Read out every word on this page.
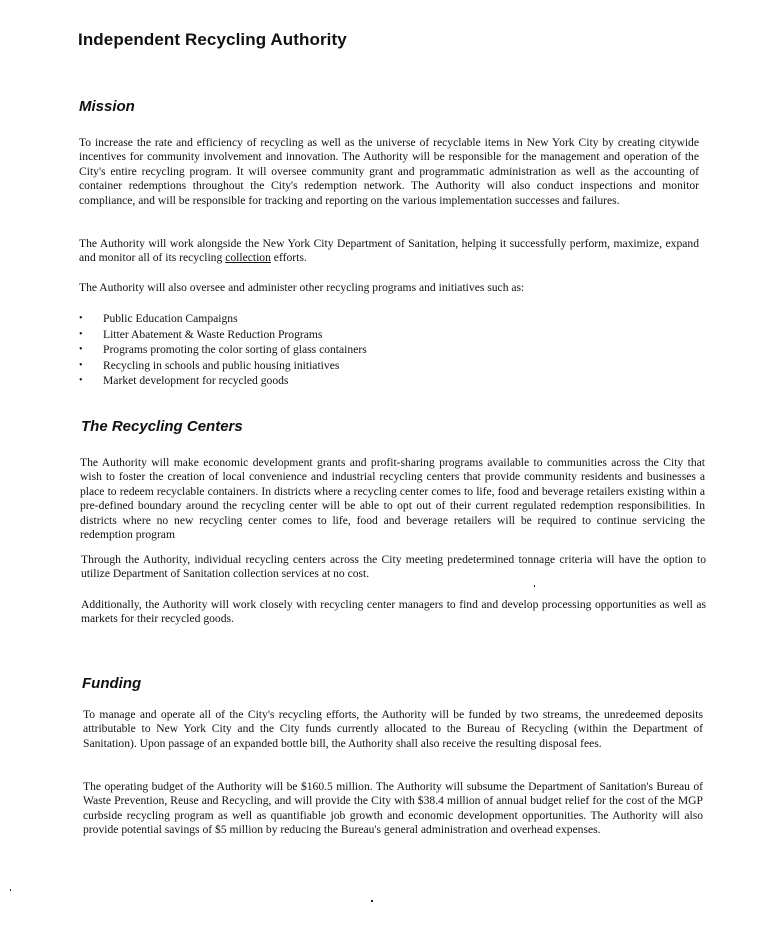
Independent Recycling Authority
Mission

To increase the rate and efficiency of recycling as well as the universe of recyclable items in New York City by creating citywide incentives for community involvement and innovation. The Authority will be responsible for the management and operation of the City's entire recycling program. It will oversee community grant and programmatic administration as well as the accounting of container redemptions throughout the City's redemption network. The Authority will also conduct inspections and monitor compliance, and will be responsible for tracking and reporting on the various implementation successes and failures.

The Authority will work alongside the New York City Department of Sanitation, helping it successfully perform, maximize, expand and monitor all of its recycling collection efforts.

The Authority will also oversee and administer other recycling programs and initiatives such as:

• Public Education Campaigns
• Litter Abatement & Waste Reduction Programs
• Programs promoting the color sorting of glass containers
• Recycling in schools and public housing initiatives
• Market development for recycled goods
The Recycling Centers

The Authority will make economic development grants and profit-sharing programs available to communities across the City that wish to foster the creation of local convenience and industrial recycling centers that provide community residents and businesses a place to redeem recyclable containers. In districts where a recycling center comes to life, food and beverage retailers existing within a pre-defined boundary around the recycling center will be able to opt out of their current regulated redemption responsibilities. In districts where no new recycling center comes to life, food and beverage retailers will be required to continue servicing the redemption program

Through the Authority, individual recycling centers across the City meeting predetermined tonnage criteria will have the option to utilize Department of Sanitation collection services at no cost.

Additionally, the Authority will work closely with recycling center managers to find and develop processing opportunities as well as markets for their recycled goods.

Funding

To manage and operate all of the City's recycling efforts, the Authority will be funded by two streams, the unredeemed deposits attributable to New York City and the City funds currently allocated to the Bureau of Recycling (within the Department of Sanitation). Upon passage of an expanded bottle bill, the Authority shall also receive the resulting disposal fees.

The operating budget of the Authority will be $160.5 million. The Authority will subsume the Department of Sanitation's Bureau of Waste Prevention, Reuse and Recycling, and will provide the City with $38.4 million of annual budget relief for the cost of the MGP curbside recycling program as well as quantifiable job growth and economic development opportunities. The Authority will also provide potential savings of $5 million by reducing the Bureau's general administration and overhead expenses.
